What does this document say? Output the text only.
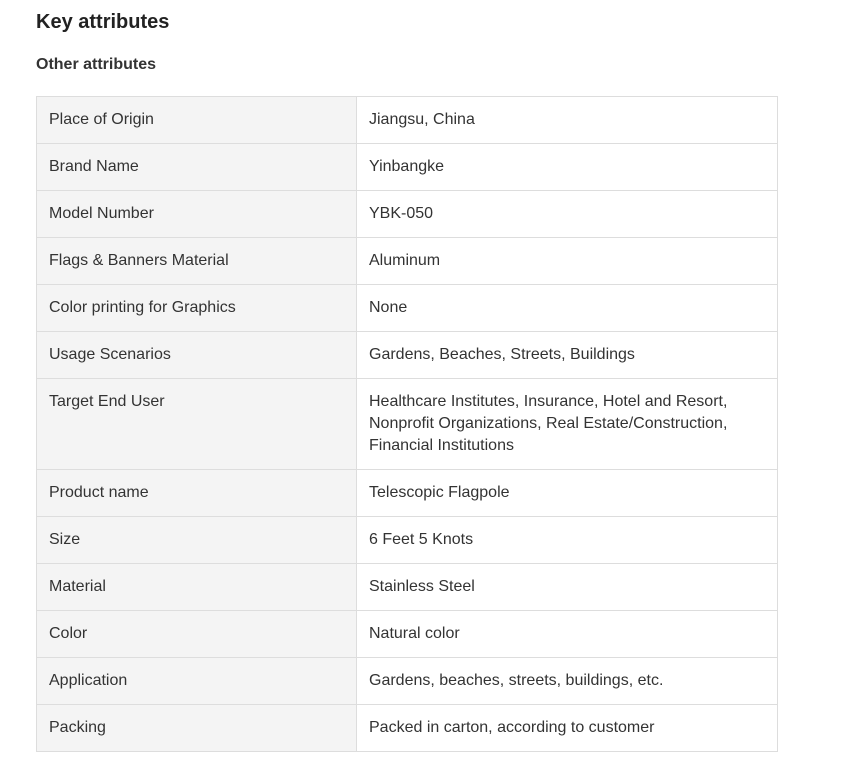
Key attributes
Other attributes
Place of Origin	Jiangsu, China
Brand Name	Yinbangke
Model Number	YBK-050
Flags & Banners Material	Aluminum
Color printing for Graphics	None
Usage Scenarios	Gardens, Beaches, Streets, Buildings
Target End User	Healthcare Institutes, Insurance, Hotel and Resort, Nonprofit Organizations, Real Estate/Construction, Financial Institutions
Product name	Telescopic Flagpole
Size	6 Feet 5 Knots
Material	Stainless Steel
Color	Natural color
Application	Gardens, beaches, streets, buildings, etc.
Packing	Packed in carton, according to customer
